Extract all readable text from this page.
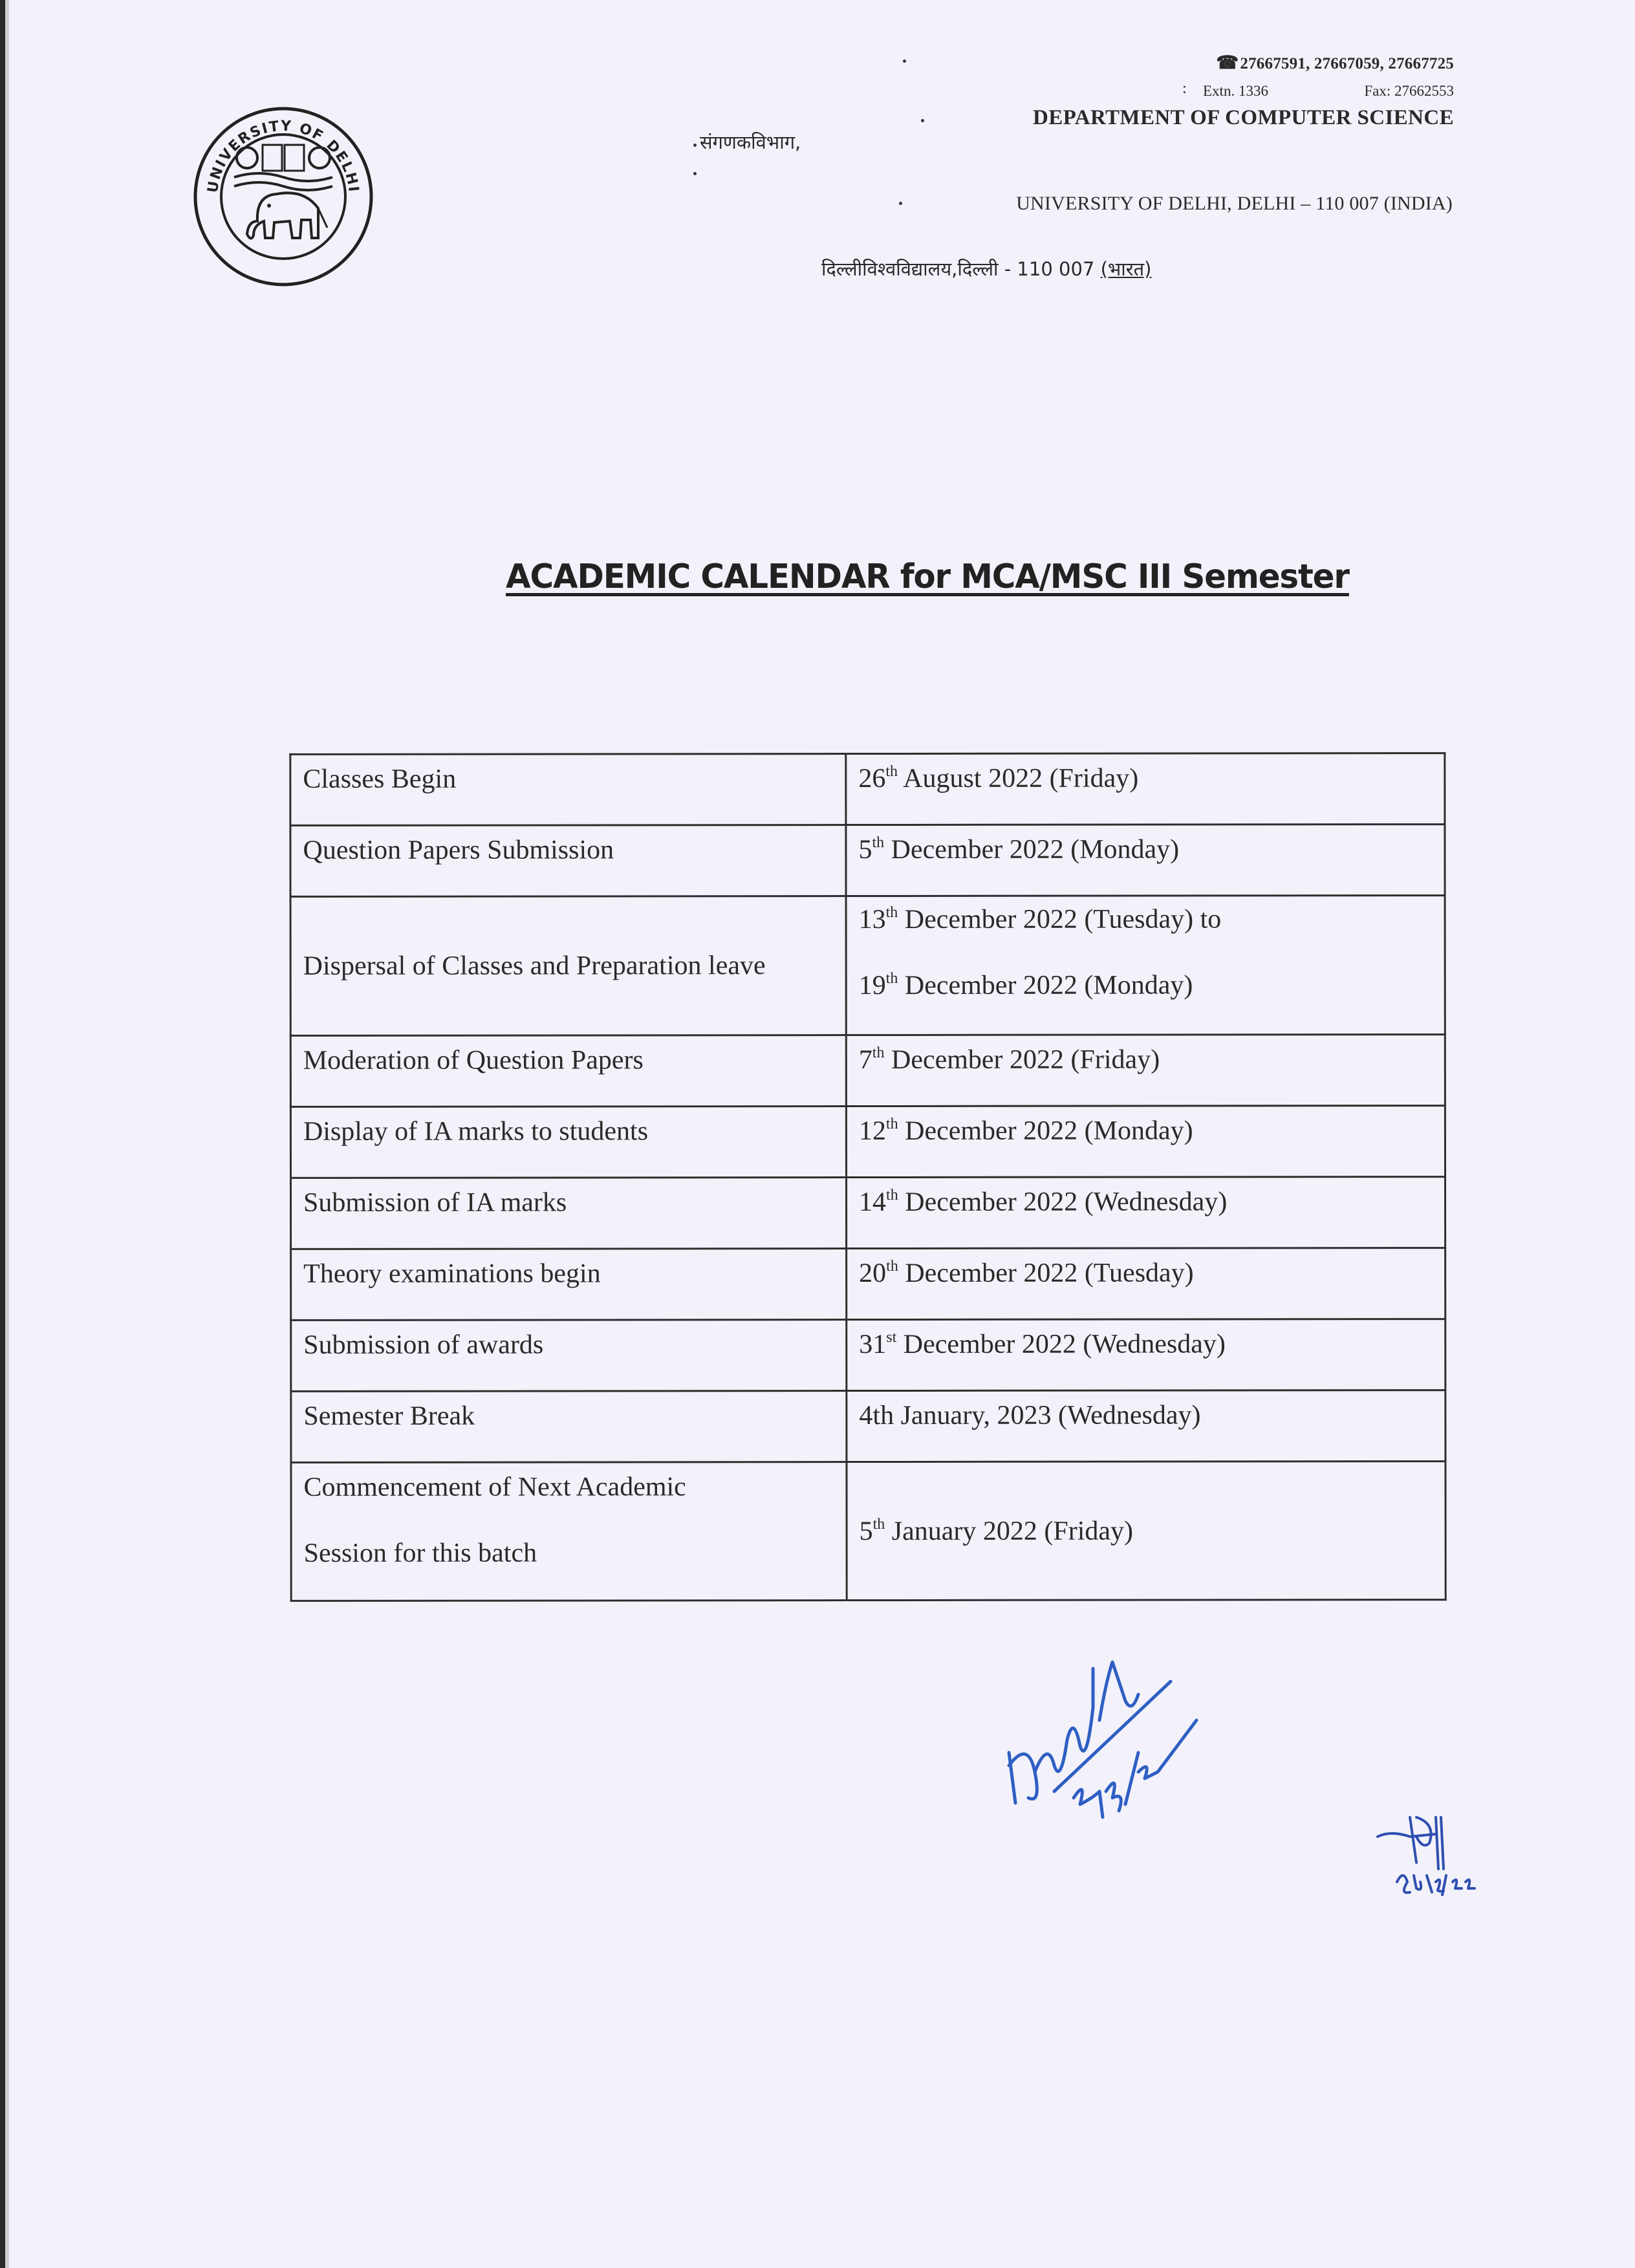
UNIVERSITY OF DELHI
☎27667591, 27667059, 27667725
: Extn. 1336	Fax: 27662553
DEPARTMENT OF COMPUTER SCIENCE
संगणकविभाग,
UNIVERSITY OF DELHI, DELHI – 110 007 (INDIA)
दिल्लीविश्वविद्यालय,दिल्ली - 110 007 (भारत)
ACADEMIC CALENDAR for MCA/MSC III Semester
Classes Begin	26th August 2022 (Friday)
Question Papers Submission	5th December 2022 (Monday)
Dispersal of Classes and Preparation leave	13th December 2022 (Tuesday) to
19th December 2022 (Monday)

Moderation of Question Papers	7th December 2022 (Friday)
Display of IA marks to students	12th December 2022 (Monday)
Submission of IA marks	14th December 2022 (Wednesday)
Theory examinations begin	20th December 2022 (Tuesday)
Submission of awards	31st December 2022 (Wednesday)
Semester Break	4th January, 2023 (Wednesday)
Commencement of Next Academic
Session for this batch
	5th January 2022 (Friday)
25/8/22
25/08/22
